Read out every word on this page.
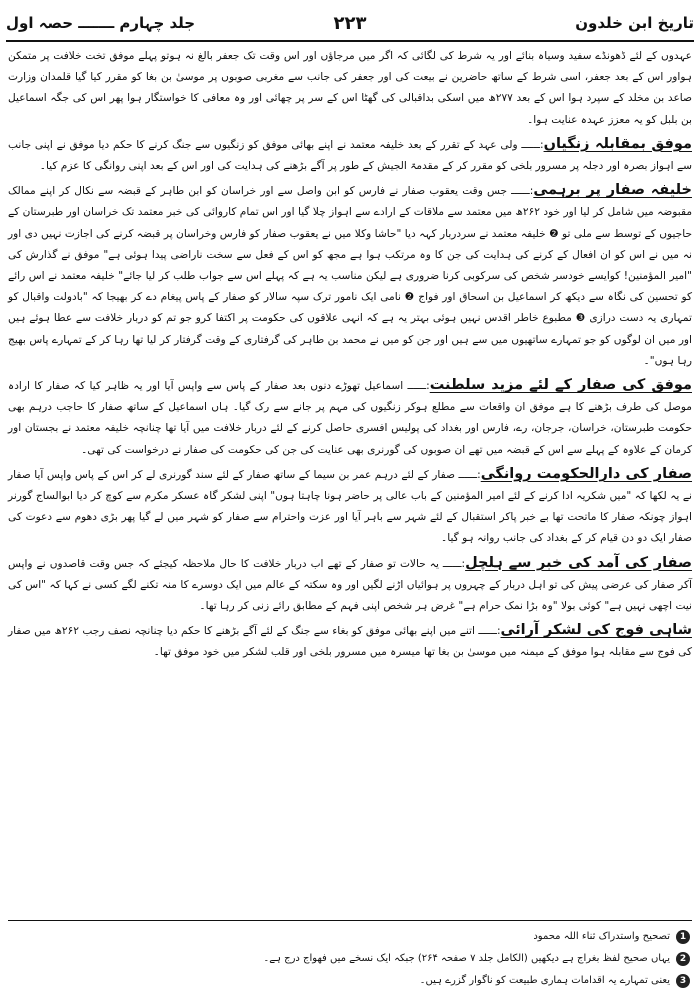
جلد چہارم ـــــــ حصہ اول	۲۲۳	تاریخ ابن خلدون

عہدوں کے لئے ڈھونڈے سفید وسیاہ بنائے اور یہ شرط کی لگائی کہ اگر میں مرجاؤں اور اس وقت تک جعفر بالغ نہ ہوتو پہلے موفق تخت خلافت پر متمکن ہواور اس کے بعد جعفر، اسی شرط کے ساتھ حاضرین نے بیعت کی اور جعفر کی جانب سے مغربی صوبوں پر موسیٰ بن بغا کو مقرر کیا گیا قلمدان وزارت صاعد بن مخلد کے سپرد ہوا اس کے بعد ۲۷۷ھ میں اسکی بداقبالی کی گھٹا اس کے سر پر چھائی اور وہ معافی کا خواستگار ہوا پھر اس کی جگہ اسماعیل بن بلبل کو یہ معزز عہدہ عنایت ہوا۔

موفق بمقابلہ زنگیاں:ــــــ ولی عہد کے تقرر کے بعد خلیفہ معتمد نے اپنے بھائی موفق کو زنگیوں سے جنگ کرنے کا حکم دیا موفق نے اپنی جانب سے اہواز بصرہ اور دجلہ پر مسرور بلخی کو مقرر کر کے مقدمۃ الجیش کے طور پر آگے بڑھنے کی ہدایت کی اور اس کے بعد اپنی روانگی کا عزم کیا۔

خلیفہ صفار پر برہمی:ــــــ جس وقت یعقوب صفار نے فارس کو ابن واصل سے اور خراسان کو ابن طاہر کے قبضہ سے نکال کر اپنے ممالک مقبوضہ میں شامل کر لیا اور خود ۲۶۲ھ میں معتمد سے ملاقات کے ارادے سے اہواز چلا گیا اور اس تمام کاروائی کی خبر معتمد تک خراسان اور طبرستان کے حاجیوں کے توسط سے ملی تو ❷ خلیفہ معتمد نے سردربار کہہ دیا "حاشا وکلا میں نے یعقوب صفار کو فارس وخراسان پر قبضہ کرنے کی اجازت نہیں دی اور نہ میں نے اس کو ان افعال کے کرنے کی ہدایت کی جن کا وہ مرتکب ہوا ہے مجھ کو اس کے فعل سے سخت ناراضی پیدا ہوئی ہے" موفق نے گذارش کی "امیر المؤمنین! کوایسے خودسر شخص کی سرکوبی کرنا ضروری ہے لیکن مناسب یہ ہے کہ پہلے اس سے جواب طلب کر لیا جائے" خلیفہ معتمد نے اس رائے کو تحسین کی نگاہ سے دیکھ کر اسماعیل بن اسحاق اور فواج ❷ نامی ایک نامور ترک سپہ سالار کو صفار کے پاس پیغام دے کر بھیجا کہ "بادولت واقبال کو تمہاری یہ دست درازی ❸ مطبوع خاطر اقدس نہیں ہوئی بہتر یہ ہے کہ انہی علاقوں کی حکومت پر اکتفا کرو جو تم کو دربار خلافت سے عطا ہوئے ہیں اور میں ان لوگوں کو جو تمہارے ساتھیوں میں سے ہیں اور جن کو میں نے محمد بن طاہر کی گرفتاری کے وقت گرفتار کر لیا تھا رہا کر کے تمہارے پاس بھیج رہا ہوں"۔

موفق کی صفار کے لئے مزید سلطنت:ــــــ اسماعیل تھوڑے دنوں بعد صفار کے پاس سے واپس آیا اور یہ ظاہر کیا کہ صفار کا ارادہ موصل کی طرف بڑھنے کا ہے موفق ان واقعات سے مطلع ہوکر زنگیوں کی مہم پر جانے سے رک گیا۔ ہاں اسماعیل کے ساتھ صفار کا حاجب درہم بھی حکومت طبرستان، خراسان، جرجان، رے، فارس اور بغداد کی پولیس افسری حاصل کرنے کے لئے دربار خلافت میں آیا تھا چنانچہ خلیفہ معتمد نے بجستان اور کرمان کے علاوہ کے پہلے سے اس کے قبضہ میں تھے ان صوبوں کی گورنری بھی عنایت کی جن کی حکومت کی صفار نے درخواست کی تھی۔

صفار کی دارالحکومت روانگی:ــــــ صفار کے لئے درہم عمر بن سیما کے ساتھ صفار کے لئے سند گورنری لے کر اس کے پاس واپس آیا صفار نے یہ لکھا کہ "میں شکریہ ادا کرنے کے لئے امیر المؤمنین کے باب عالی پر حاضر ہونا چاہتا ہوں" اپنی لشکر گاہ عسکر مکرم سے کوچ کر دیا ابوالساج گورنر اہواز چونکہ صفار کا ماتحت تھا بے خبر پاکر استقبال کے لئے شہر سے باہر آیا اور عزت واحترام سے صفار کو شہر میں لے گیا پھر بڑی دھوم سے دعوت کی صفار ایک دو دن قیام کر کے بغداد کی جانب روانہ ہو گیا۔

صفار کی آمد کی خبر سے ہلچل:ــــــ یہ حالات تو صفار کے تھے اب دربار خلافت کا حال ملاحظہ کیجئے کہ جس وقت قاصدوں نے واپس آکر صفار کی عرضی پیش کی تو اہل دربار کے چہروں پر ہوائیاں اڑنے لگیں اور وہ سکتہ کے عالم میں ایک دوسرے کا منہ تکنے لگے کسی نے کہا کہ "اس کی نیت اچھی نہیں ہے" کوئی بولا "وہ بڑا نمک حرام ہے" غرض ہر شخص اپنی فہم کے مطابق رائے زنی کر رہا تھا۔

شاہی فوج کی لشکر آرائی:ــــــ اتنے میں اپنے بھائی موفق کو بغاء سے جنگ کے لئے آگے بڑھنے کا حکم دیا چنانچہ نصف رجب ۲۶۲ھ میں صفار کی فوج سے مقابلہ ہوا موفق کے میمنہ میں موسیٰ بن بغا تھا میسرہ میں مسرور بلخی اور قلب لشکر میں خود موفق تھا۔

1
تصحیح واستدراک ثناء اللہ محمود
2
یہاں صحیح لفظ بغراج ہے دیکھیں (الکامل جلد ۷ صفحہ ۲۶۴) جبکہ ایک نسخے میں فھواج درج ہے۔
3
یعنی تمہارے یہ اقدامات ہماری طبیعت کو ناگوار گزرے ہیں۔
